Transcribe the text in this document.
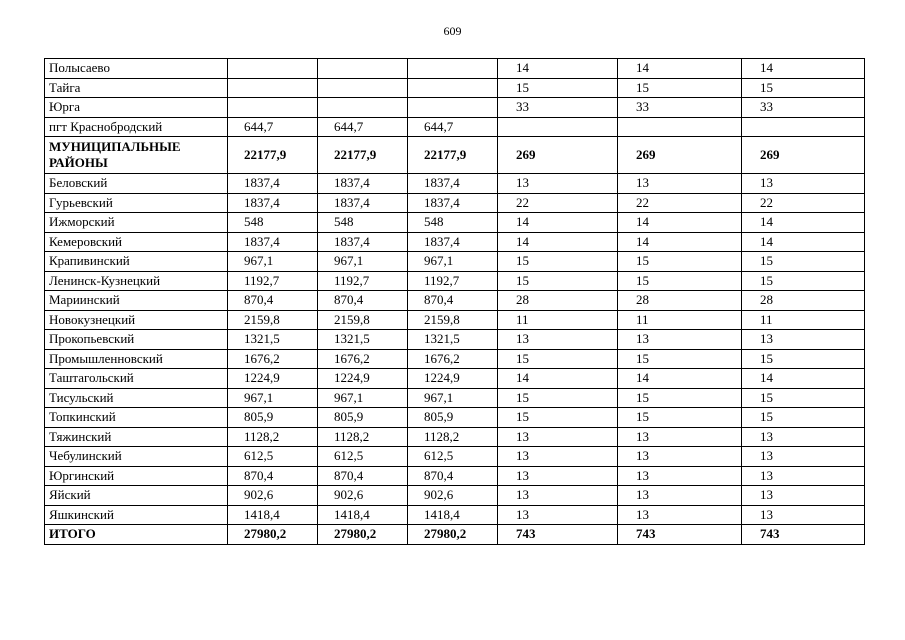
609
Полысаево				14	14	14
Тайга				15	15	15
Юрга				33	33	33
пгт Краснобродский	644,7	644,7	644,7			
МУНИЦИПАЛЬНЫЕ РАЙОНЫ	22177,9	22177,9	22177,9	269	269	269
Беловский	1837,4	1837,4	1837,4	13	13	13
Гурьевский	1837,4	1837,4	1837,4	22	22	22
Ижморский	548	548	548	14	14	14
Кемеровский	1837,4	1837,4	1837,4	14	14	14
Крапивинский	967,1	967,1	967,1	15	15	15
Ленинск-Кузнецкий	1192,7	1192,7	1192,7	15	15	15
Мариинский	870,4	870,4	870,4	28	28	28
Новокузнецкий	2159,8	2159,8	2159,8	11	11	11
Прокопьевский	1321,5	1321,5	1321,5	13	13	13
Промышленновский	1676,2	1676,2	1676,2	15	15	15
Таштагольский	1224,9	1224,9	1224,9	14	14	14
Тисульский	967,1	967,1	967,1	15	15	15
Топкинский	805,9	805,9	805,9	15	15	15
Тяжинский	1128,2	1128,2	1128,2	13	13	13
Чебулинский	612,5	612,5	612,5	13	13	13
Юргинский	870,4	870,4	870,4	13	13	13
Яйский	902,6	902,6	902,6	13	13	13
Яшкинский	1418,4	1418,4	1418,4	13	13	13
ИТОГО	27980,2	27980,2	27980,2	743	743	743
